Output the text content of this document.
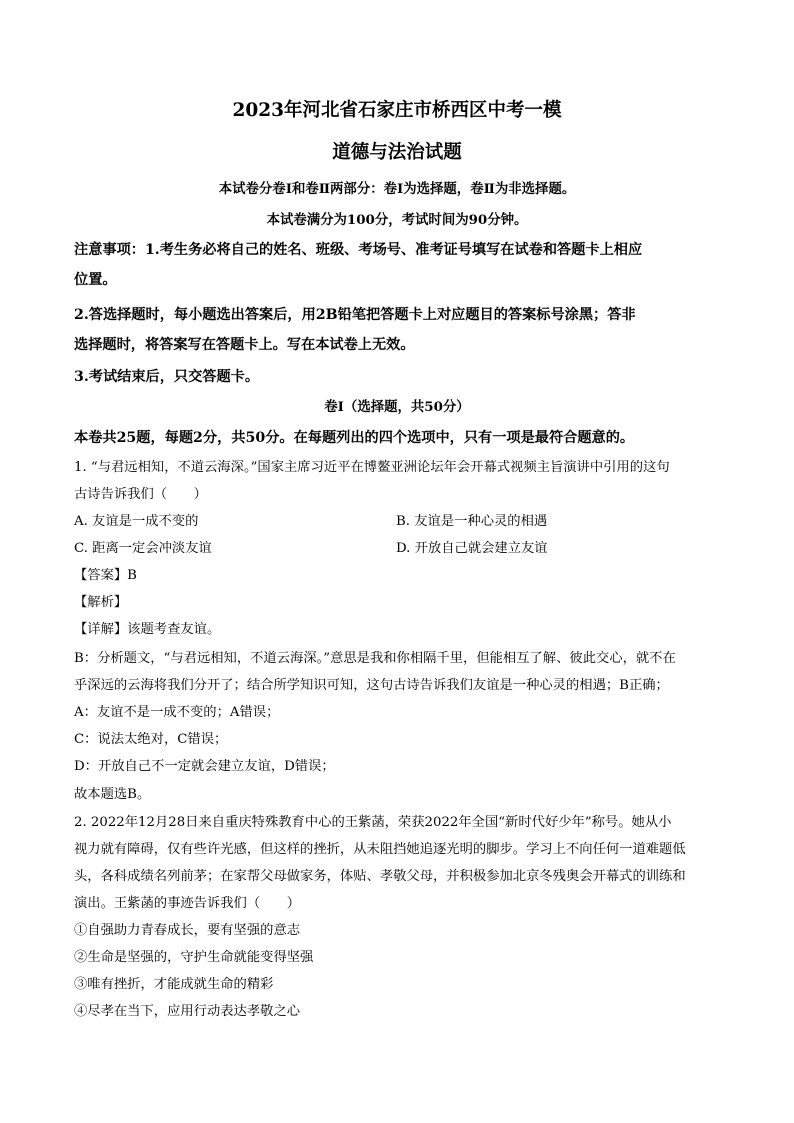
2023年河北省石家庄市桥西区中考一模
道德与法治试题
本试卷分卷Ⅰ和卷Ⅱ两部分：卷Ⅰ为选择题，卷Ⅱ为非选择题。
本试卷满分为100分，考试时间为90分钟。
注意事项：1.考生务必将自己的姓名、班级、考场号、准考证号填写在试卷和答题卡上相应
位置。
2.答选择题时，每小题选出答案后，用2B铅笔把答题卡上对应题目的答案标号涂黑；答非
选择题时，将答案写在答题卡上。写在本试卷上无效。
3.考试结束后，只交答题卡。
卷Ⅰ（选择题，共50分）
本卷共25题，每题2分，共50分。在每题列出的四个选项中，只有一项是最符合题意的。
1. “与君远相知，不道云海深。”国家主席习近平在博鳌亚洲论坛年会开幕式视频主旨演讲中引用的这句
古诗告诉我们（　　）
A. 友谊是一成不变的	B. 友谊是一种心灵的相遇
C. 距离一定会冲淡友谊	D. 开放自己就会建立友谊
【答案】B
【解析】
【详解】该题考查友谊。
B：分析题文，“与君远相知，不道云海深。”意思是我和你相隔千里，但能相互了解、彼此交心，就不在
乎深远的云海将我们分开了；结合所学知识可知，这句古诗告诉我们友谊是一种心灵的相遇；B正确；
A：友谊不是一成不变的；A错误；
C：说法太绝对，C错误；
D：开放自己不一定就会建立友谊，D错误；
故本题选B。
2. 2022年12月28日来自重庆特殊教育中心的王紫菡，荣获2022年全国“新时代好少年”称号。她从小
视力就有障碍，仅有些许光感，但这样的挫折，从未阻挡她追逐光明的脚步。学习上不向任何一道难题低
头，各科成绩名列前茅；在家帮父母做家务，体贴、孝敬父母，并积极参加北京冬残奥会开幕式的训练和
演出。王紫菡的事迹告诉我们（　　）
①自强助力青春成长，要有坚强的意志
②生命是坚强的，守护生命就能变得坚强
③唯有挫折，才能成就生命的精彩
④尽孝在当下，应用行动表达孝敬之心
